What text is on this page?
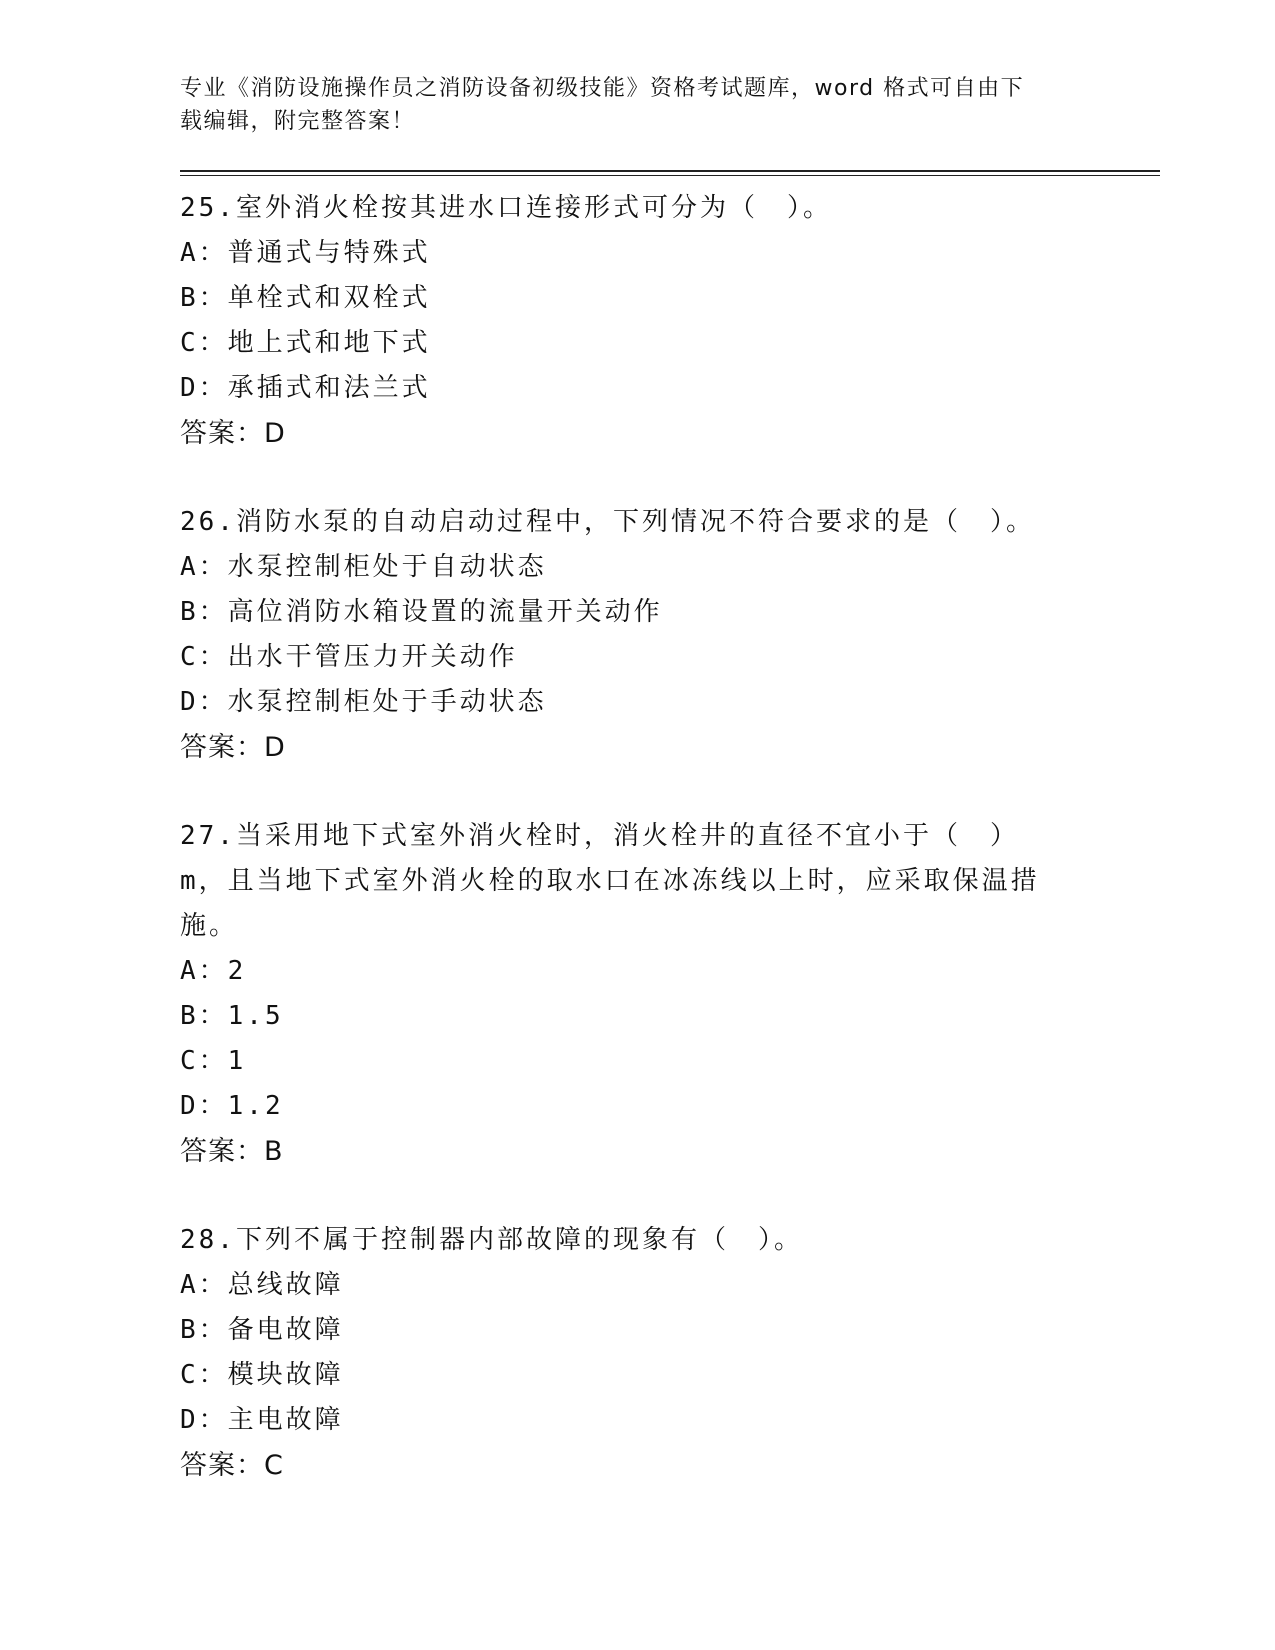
专业《消防设施操作员之消防设备初级技能》资格考试题库，word 格式可自由下载编辑，附完整答案！

25.室外消火栓按其进水口连接形式可分为（　）。

A：普通式与特殊式

B：单栓式和双栓式

C：地上式和地下式

D：承插式和法兰式

答案：D

26.消防水泵的自动启动过程中，下列情况不符合要求的是（　）。

A：水泵控制柜处于自动状态

B：高位消防水箱设置的流量开关动作

C：出水干管压力开关动作

D：水泵控制柜处于手动状态

答案：D

27.当采用地下式室外消火栓时，消火栓井的直径不宜小于（　）m，且当地下式室外消火栓的取水口在冰冻线以上时，应采取保温措施。

A：2

B：1.5

C：1

D：1.2

答案：B

28.下列不属于控制器内部故障的现象有（　）。

A：总线故障

B：备电故障

C：模块故障

D：主电故障

答案：C
